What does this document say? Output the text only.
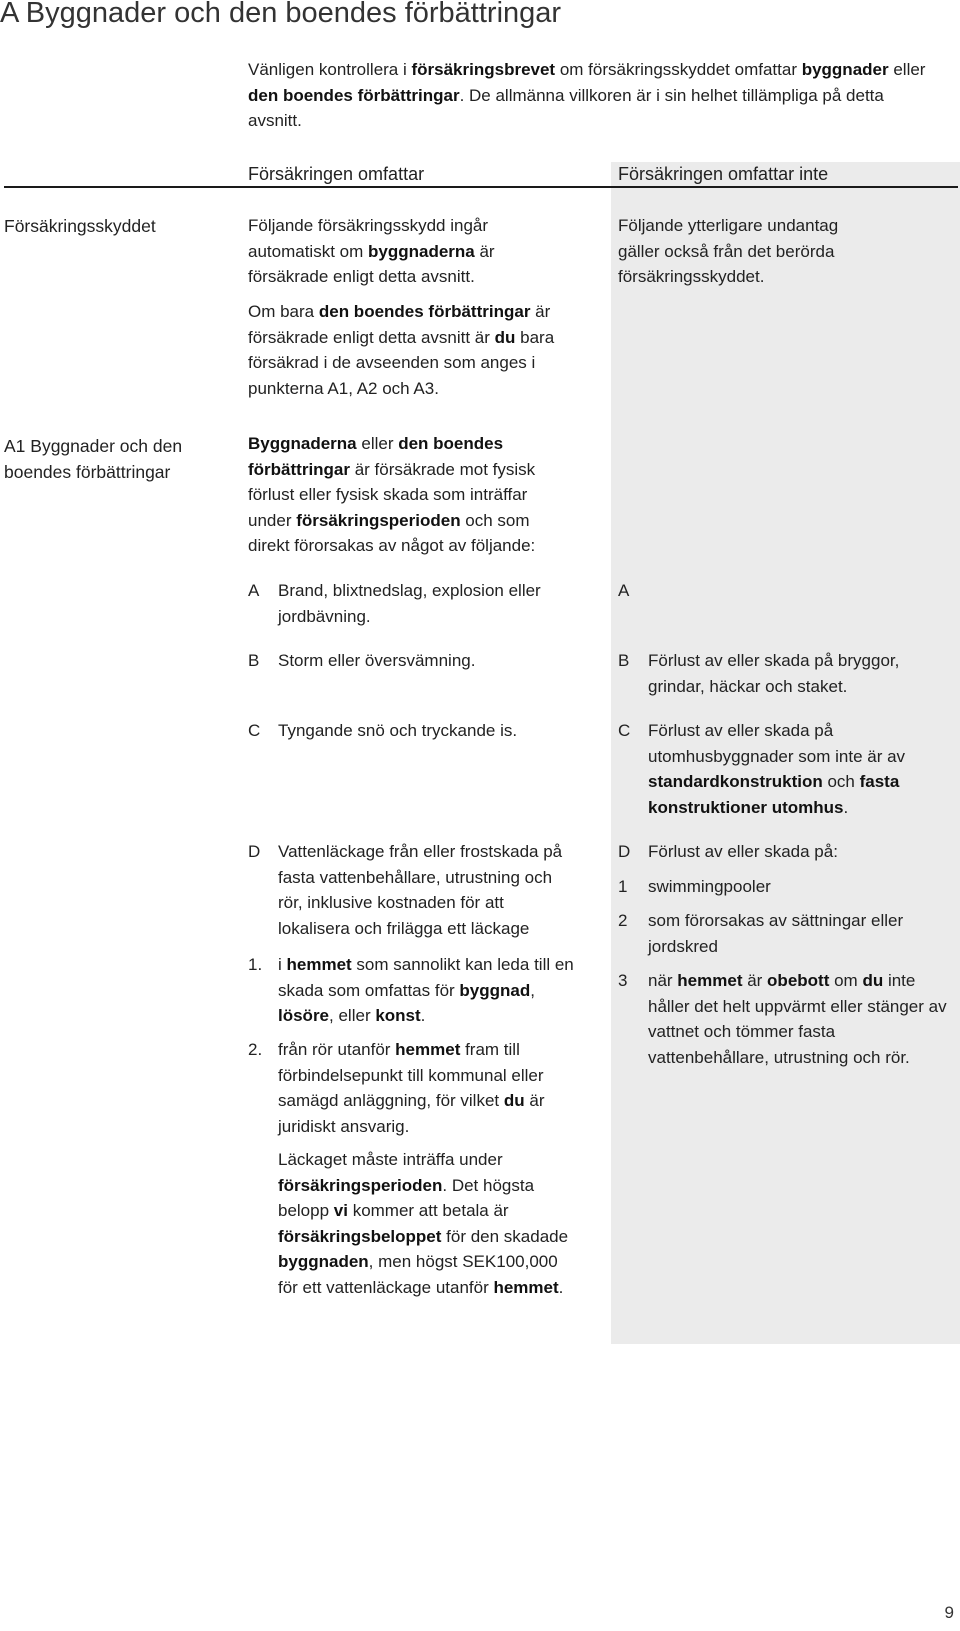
A Byggnader och den boendes förbättringar
Vänligen kontrollera i försäkringsbrevet om försäkringsskyddet omfattar byggnader eller den boendes förbättringar. De allmänna villkoren är i sin helhet tillämpliga på detta avsnitt.
Försäkringen omfattar	Försäkringen omfattar inte
Försäkringsskyddet	Följande försäkringsskydd ingår automatiskt om byggnaderna är försäkrade enligt detta avsnitt.
Om bara den boendes förbättringar är försäkrade enligt detta avsnitt är du bara försäkrad i de avseenden som anges i punkterna A1, A2 och A3.
Följande ytterligare undantag gäller också från det berörda försäkringsskyddet.
A1 Byggnader och den boendes förbättringar
Byggnaderna eller den boendes förbättringar är försäkrade mot fysisk förlust eller fysisk skada som inträffar under försäkringsperioden och som direkt förorsakas av något av följande:
A Brand, blixtnedslag, explosion eller jordbävning.
B Storm eller översvämning.
C Tyngande snö och tryckande is.
D Vattenläckage från eller frostskada på fasta vattenbehållare, utrustning och rör, inklusive kostnaden för att lokalisera och frilägga ett läckage
1. i hemmet som sannolikt kan leda till en skada som omfattas för byggnad, lösöre, eller konst.
2. från rör utanför hemmet fram till förbindelsepunkt till kommunal eller samägd anläggning, för vilket du är juridiskt ansvarig.
Läckaget måste inträffa under försäkringsperioden. Det högsta belopp vi kommer att betala är försäkringsbeloppet för den skadade byggnaden, men högst SEK100,000 för ett vattenläckage utanför hemmet.
A
B Förlust av eller skada på bryggor, grindar, häckar och staket.
C Förlust av eller skada på utomhusbyggnader som inte är av standardkonstruktion och fasta konstruktioner utomhus.
D Förlust av eller skada på:
1 swimmingpooler
2 som förorsakas av sättningar eller jordskred
3 när hemmet är obebott om du inte håller det helt uppvärmt eller stänger av vattnet och tömmer fasta vattenbehållare, utrustning och rör.
9
